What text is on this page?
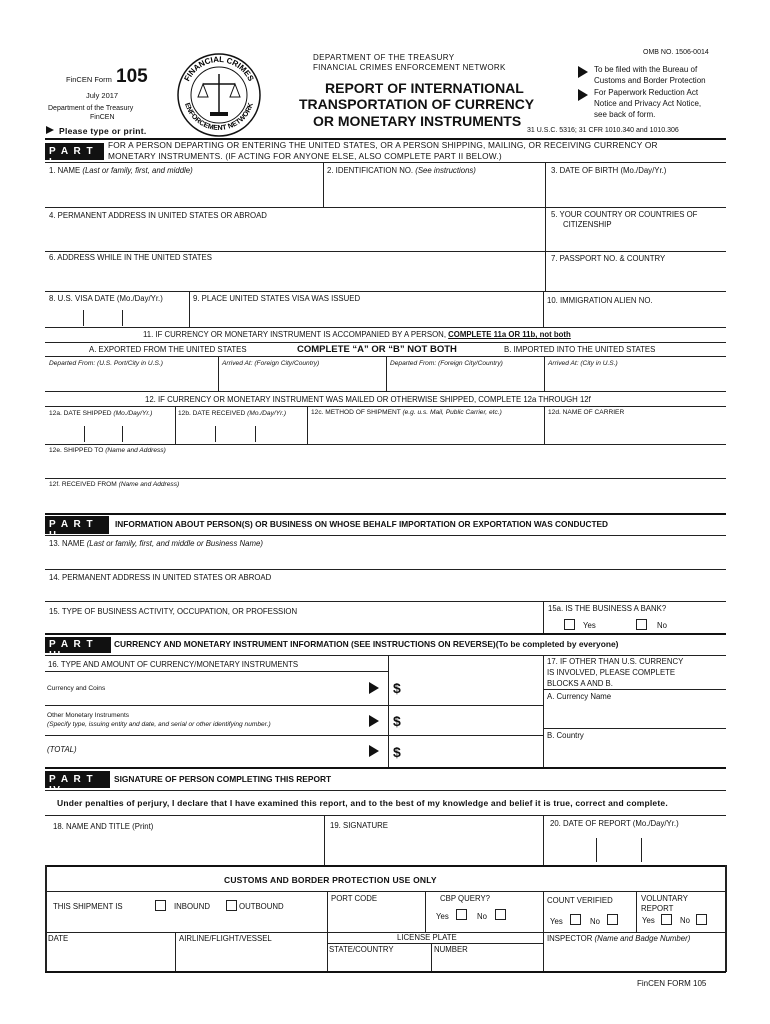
FinCEN Form 105
July 2017
Department of the Treasury
FinCEN
Please type or print.
FINANCIAL CRIMES
ENFORCEMENT NETWORK
DEPARTMENT OF THE TREASURY
FINANCIAL CRIMES ENFORCEMENT NETWORK
REPORT OF INTERNATIONAL
TRANSPORTATION OF CURRENCY
OR MONETARY INSTRUMENTS
OMB NO. 1506-0014
To be filed with the Bureau of
Customs and Border Protection
For Paperwork Reduction Act
Notice and Privacy Act Notice,
see back of form.
31 U.S.C. 5316; 31 CFR 1010.340 and 1010.306
P A R T I
FOR A PERSON DEPARTING OR ENTERING THE UNITED STATES, OR A PERSON SHIPPING, MAILING, OR RECEIVING CURRENCY OR
MONETARY INSTRUMENTS. (IF ACTING FOR ANYONE ELSE, ALSO COMPLETE PART II BELOW.)
1. NAME (Last or family, first, and middle)	2. IDENTIFICATION NO. (See instructions)	3. DATE OF BIRTH (Mo./Day/Yr.)
4. PERMANENT ADDRESS IN UNITED STATES OR ABROAD	5. YOUR COUNTRY OR COUNTRIES OF
CITIZENSHIP
6. ADDRESS WHILE IN THE UNITED STATES	7. PASSPORT NO. & COUNTRY
8. U.S. VISA DATE (Mo./Day/Yr.)	9. PLACE UNITED STATES VISA WAS ISSUED	10. IMMIGRATION ALIEN NO.
11. IF CURRENCY OR MONETARY INSTRUMENT IS ACCOMPANIED BY A PERSON, COMPLETE 11a OR 11b, not both
A. EXPORTED FROM THE UNITED STATES	COMPLETE “A” OR “B” NOT BOTH	B. IMPORTED INTO THE UNITED STATES
Departed From: (U.S. Port/City in U.S.)	Arrived At: (Foreign City/Country)	Departed From: (Foreign City/Country)	Arrived At: (City in U.S.)
12. IF CURRENCY OR MONETARY INSTRUMENT WAS MAILED OR OTHERWISE SHIPPED, COMPLETE 12a THROUGH 12f
12a. DATE SHIPPED (Mo./Day/Yr.)	12b. DATE RECEIVED (Mo./Day/Yr.)	12c. METHOD OF SHIPMENT (e.g. u.s. Mail, Public Carrier, etc.)	12d. NAME OF CARRIER
12e. SHIPPED TO (Name and Address)
12f. RECEIVED FROM (Name and Address)
P A R T II
INFORMATION ABOUT PERSON(S) OR BUSINESS ON WHOSE BEHALF IMPORTATION OR EXPORTATION WAS CONDUCTED
13. NAME (Last or family, first, and middle or Business Name)
14. PERMANENT ADDRESS IN UNITED STATES OR ABROAD
15. TYPE OF BUSINESS ACTIVITY, OCCUPATION, OR PROFESSION	15a. IS THE BUSINESS A BANK?
Yes	No
P A R T III
CURRENCY AND MONETARY INSTRUMENT INFORMATION (SEE INSTRUCTIONS ON REVERSE)(To be completed by everyone)
16. TYPE AND AMOUNT OF CURRENCY/MONETARY INSTRUMENTS
Currency and Coins	$
Other Monetary Instruments
(Specify type, issuing entity and date, and serial or other identifying number.)	$
(TOTAL)	$
17. IF OTHER THAN U.S. CURRENCY
IS INVOLVED, PLEASE COMPLETE
BLOCKS A AND B.
A. Currency Name
B. Country
P A R T IV
SIGNATURE OF PERSON COMPLETING THIS REPORT
Under penalties of perjury, I declare that I have examined this report, and to the best of my knowledge and belief it is true, correct and complete.
18. NAME AND TITLE (Print)	19. SIGNATURE	20. DATE OF REPORT (Mo./Day/Yr.)
CUSTOMS AND BORDER PROTECTION USE ONLY
THIS SHIPMENT IS	INBOUND	OUTBOUND
PORT CODE	CBP QUERY?
Yes	No
COUNT VERIFIED
Yes	No
VOLUNTARY
REPORT
Yes	No
DATE	AIRLINE/FLIGHT/VESSEL	LICENSE PLATE
STATE/COUNTRY	NUMBER
INSPECTOR (Name and Badge Number)
FinCEN FORM 105
